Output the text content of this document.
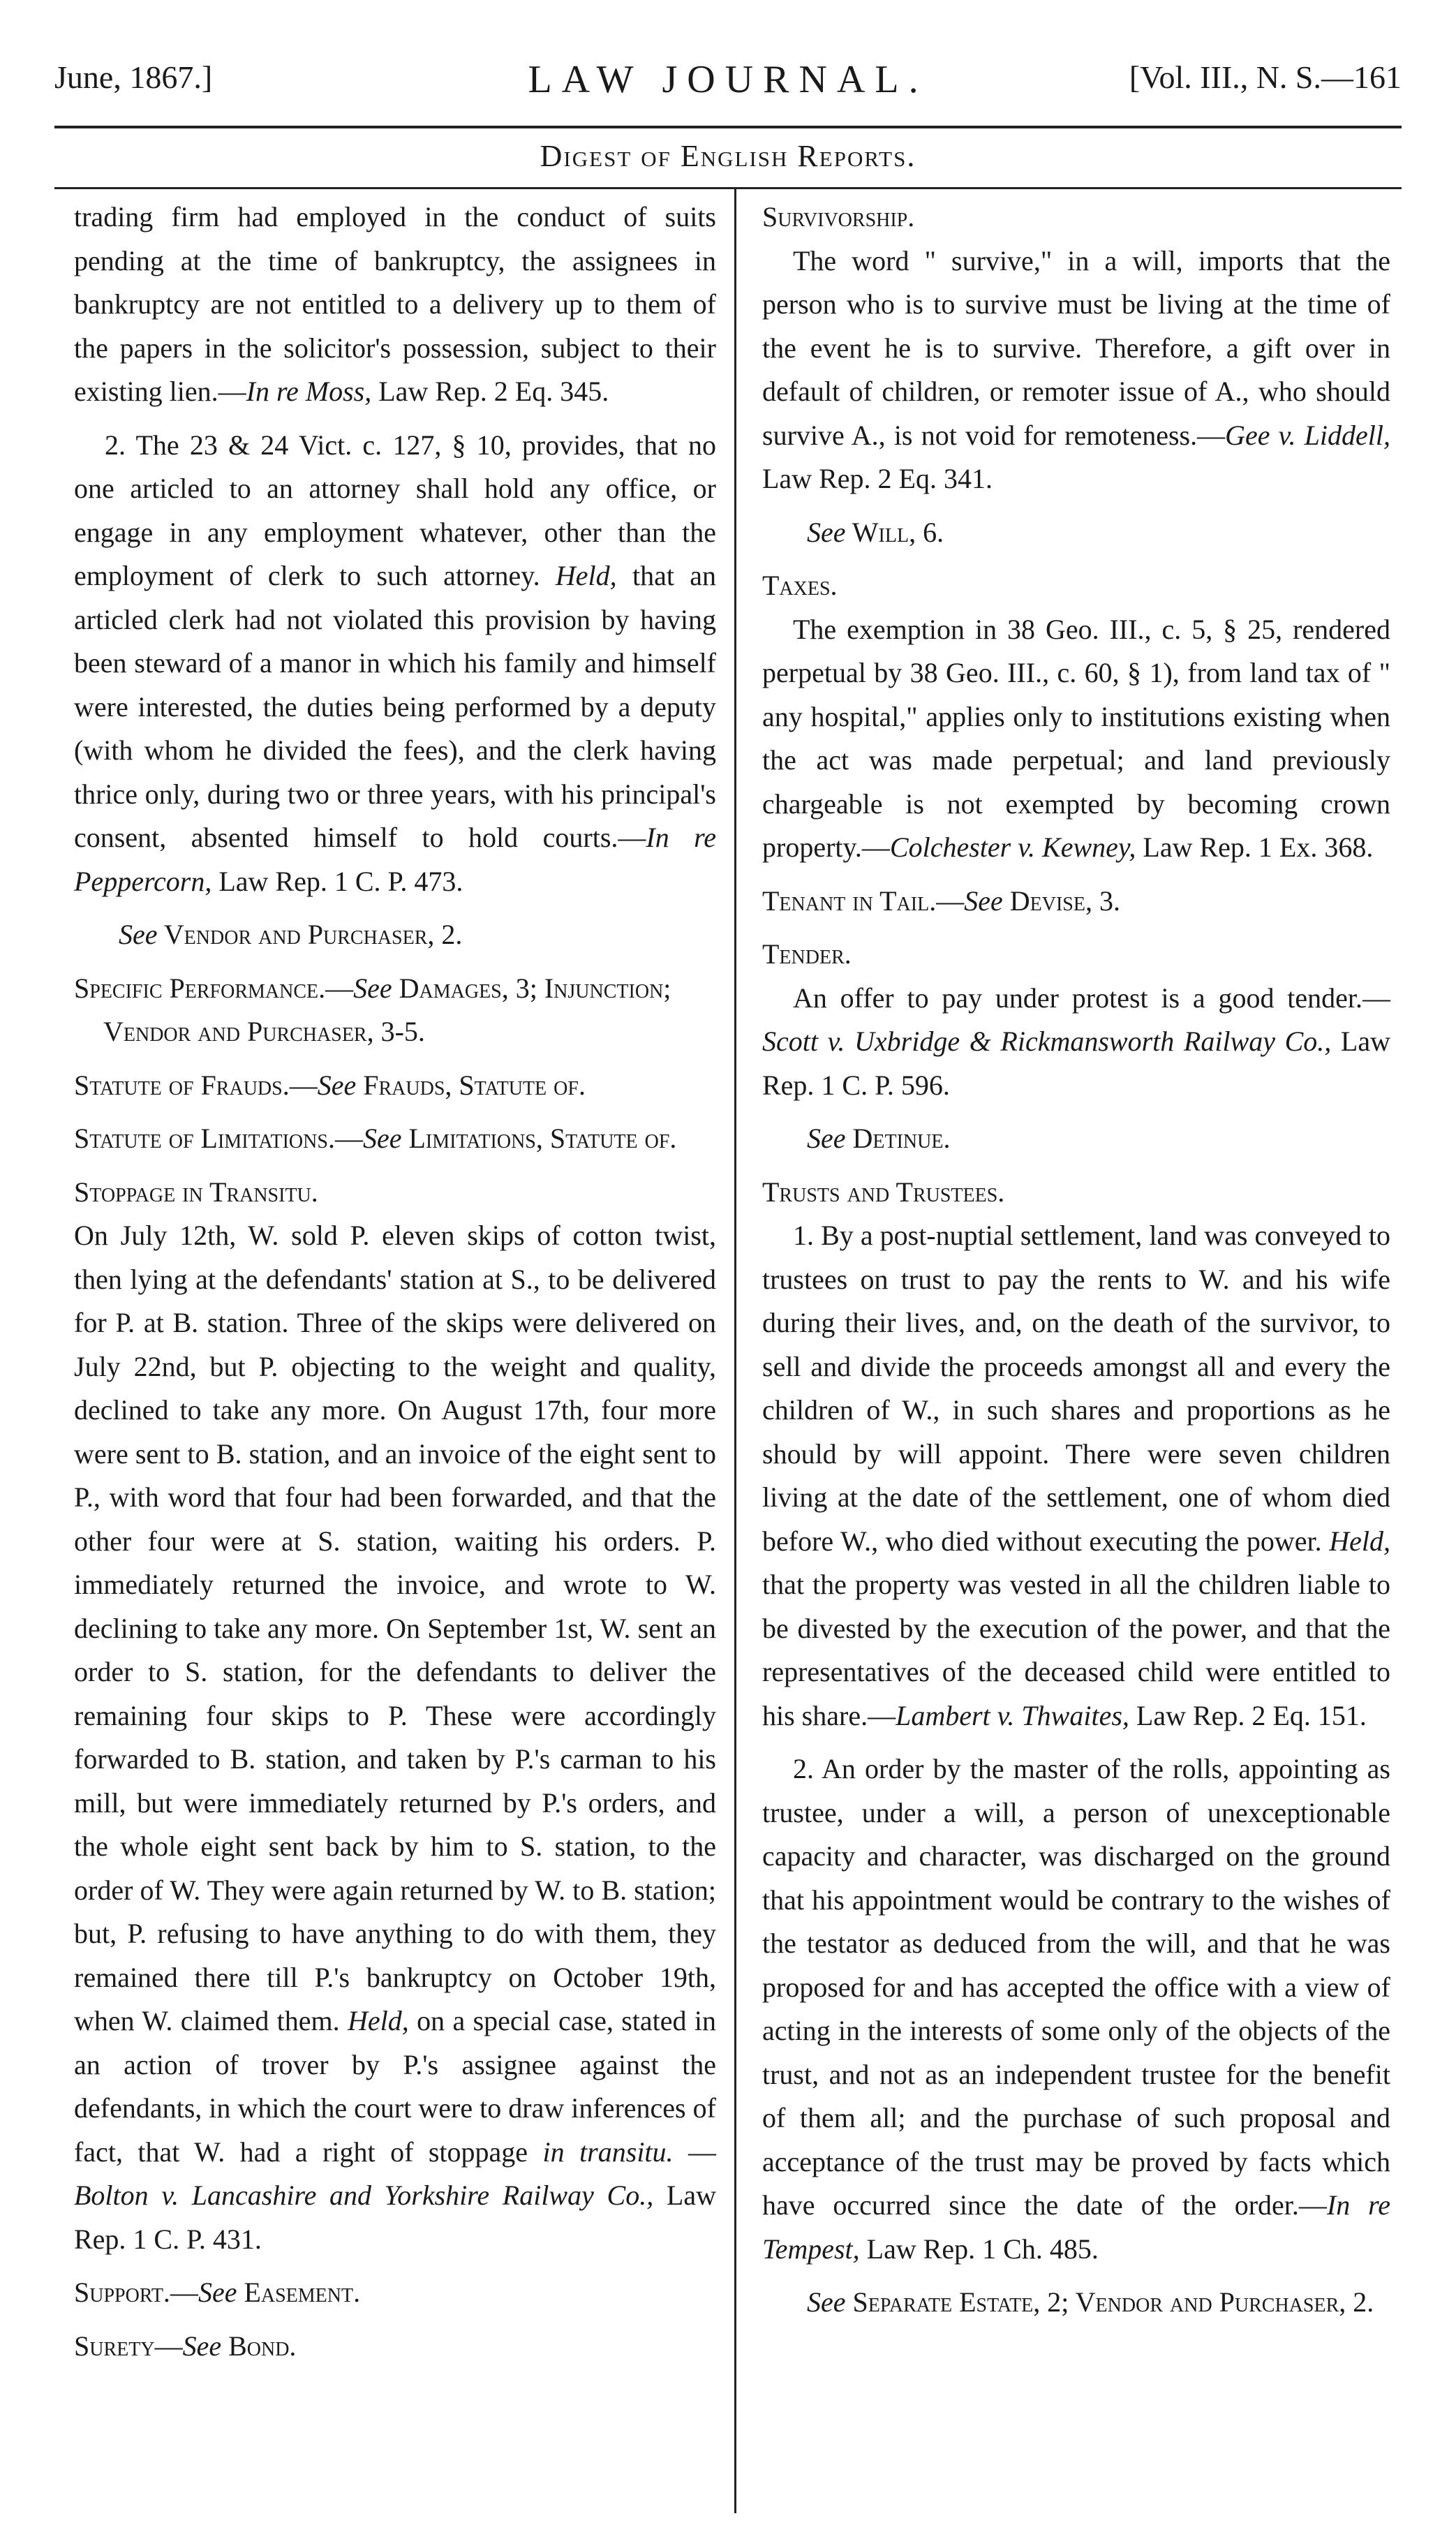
June, 1867.]	LAW JOURNAL.	[Vol. III., N. S.—161
Digest of English Reports.

trading firm had employed in the conduct of suits pending at the time of bankruptcy, the assignees in bankruptcy are not entitled to a delivery up to them of the papers in the solicitor's possession, subject to their existing lien.—In re Moss, Law Rep. 2 Eq. 345.

2. The 23 & 24 Vict. c. 127, § 10, provides, that no one articled to an attorney shall hold any office, or engage in any employment whatever, other than the employment of clerk to such attorney. Held, that an articled clerk had not violated this provision by having been steward of a manor in which his family and himself were interested, the duties being performed by a deputy (with whom he divided the fees), and the clerk having thrice only, during two or three years, with his principal's consent, absented himself to hold courts.—In re Peppercorn, Law Rep. 1 C. P. 473.

See Vendor and Purchaser, 2.

Specific Performance.—See Damages, 3; Injunction; Vendor and Purchaser, 3-5.

Statute of Frauds.—See Frauds, Statute of.

Statute of Limitations.—See Limitations, Statute of.

Stoppage in Transitu.

On July 12th, W. sold P. eleven skips of cotton twist, then lying at the defendants' station at S., to be delivered for P. at B. station. Three of the skips were delivered on July 22nd, but P. objecting to the weight and quality, declined to take any more. On August 17th, four more were sent to B. station, and an invoice of the eight sent to P., with word that four had been forwarded, and that the other four were at S. station, waiting his orders. P. immediately returned the invoice, and wrote to W. declining to take any more. On September 1st, W. sent an order to S. station, for the defendants to deliver the remaining four skips to P. These were accordingly forwarded to B. station, and taken by P.'s carman to his mill, but were immediately returned by P.'s orders, and the whole eight sent back by him to S. station, to the order of W. They were again returned by W. to B. station; but, P. refusing to have anything to do with them, they remained there till P.'s bankruptcy on October 19th, when W. claimed them. Held, on a special case, stated in an action of trover by P.'s assignee against the defendants, in which the court were to draw inferences of fact, that W. had a right of stoppage in transitu. — Bolton v. Lancashire and Yorkshire Railway Co., Law Rep. 1 C. P. 431.

Support.—See Easement.

Surety—See Bond.

Survivorship.

The word " survive," in a will, imports that the person who is to survive must be living at the time of the event he is to survive. Therefore, a gift over in default of children, or remoter issue of A., who should survive A., is not void for remoteness.—Gee v. Liddell, Law Rep. 2 Eq. 341.

See Will, 6.

Taxes.

The exemption in 38 Geo. III., c. 5, § 25, rendered perpetual by 38 Geo. III., c. 60, § 1), from land tax of " any hospital," applies only to institutions existing when the act was made perpetual; and land previously chargeable is not exempted by becoming crown property.—Colchester v. Kewney, Law Rep. 1 Ex. 368.

Tenant in Tail.—See Devise, 3.

Tender.

An offer to pay under protest is a good tender.—Scott v. Uxbridge & Rickmansworth Railway Co., Law Rep. 1 C. P. 596.

See Detinue.

Trusts and Trustees.

1. By a post-nuptial settlement, land was conveyed to trustees on trust to pay the rents to W. and his wife during their lives, and, on the death of the survivor, to sell and divide the proceeds amongst all and every the children of W., in such shares and proportions as he should by will appoint. There were seven children living at the date of the settlement, one of whom died before W., who died without executing the power. Held, that the property was vested in all the children liable to be divested by the execution of the power, and that the representatives of the deceased child were entitled to his share.—Lambert v. Thwaites, Law Rep. 2 Eq. 151.

2. An order by the master of the rolls, appointing as trustee, under a will, a person of unexceptionable capacity and character, was discharged on the ground that his appointment would be contrary to the wishes of the testator as deduced from the will, and that he was proposed for and has accepted the office with a view of acting in the interests of some only of the objects of the trust, and not as an independent trustee for the benefit of them all; and the purchase of such proposal and acceptance of the trust may be proved by facts which have occurred since the date of the order.—In re Tempest, Law Rep. 1 Ch. 485.

See Separate Estate, 2; Vendor and Purchaser, 2.
